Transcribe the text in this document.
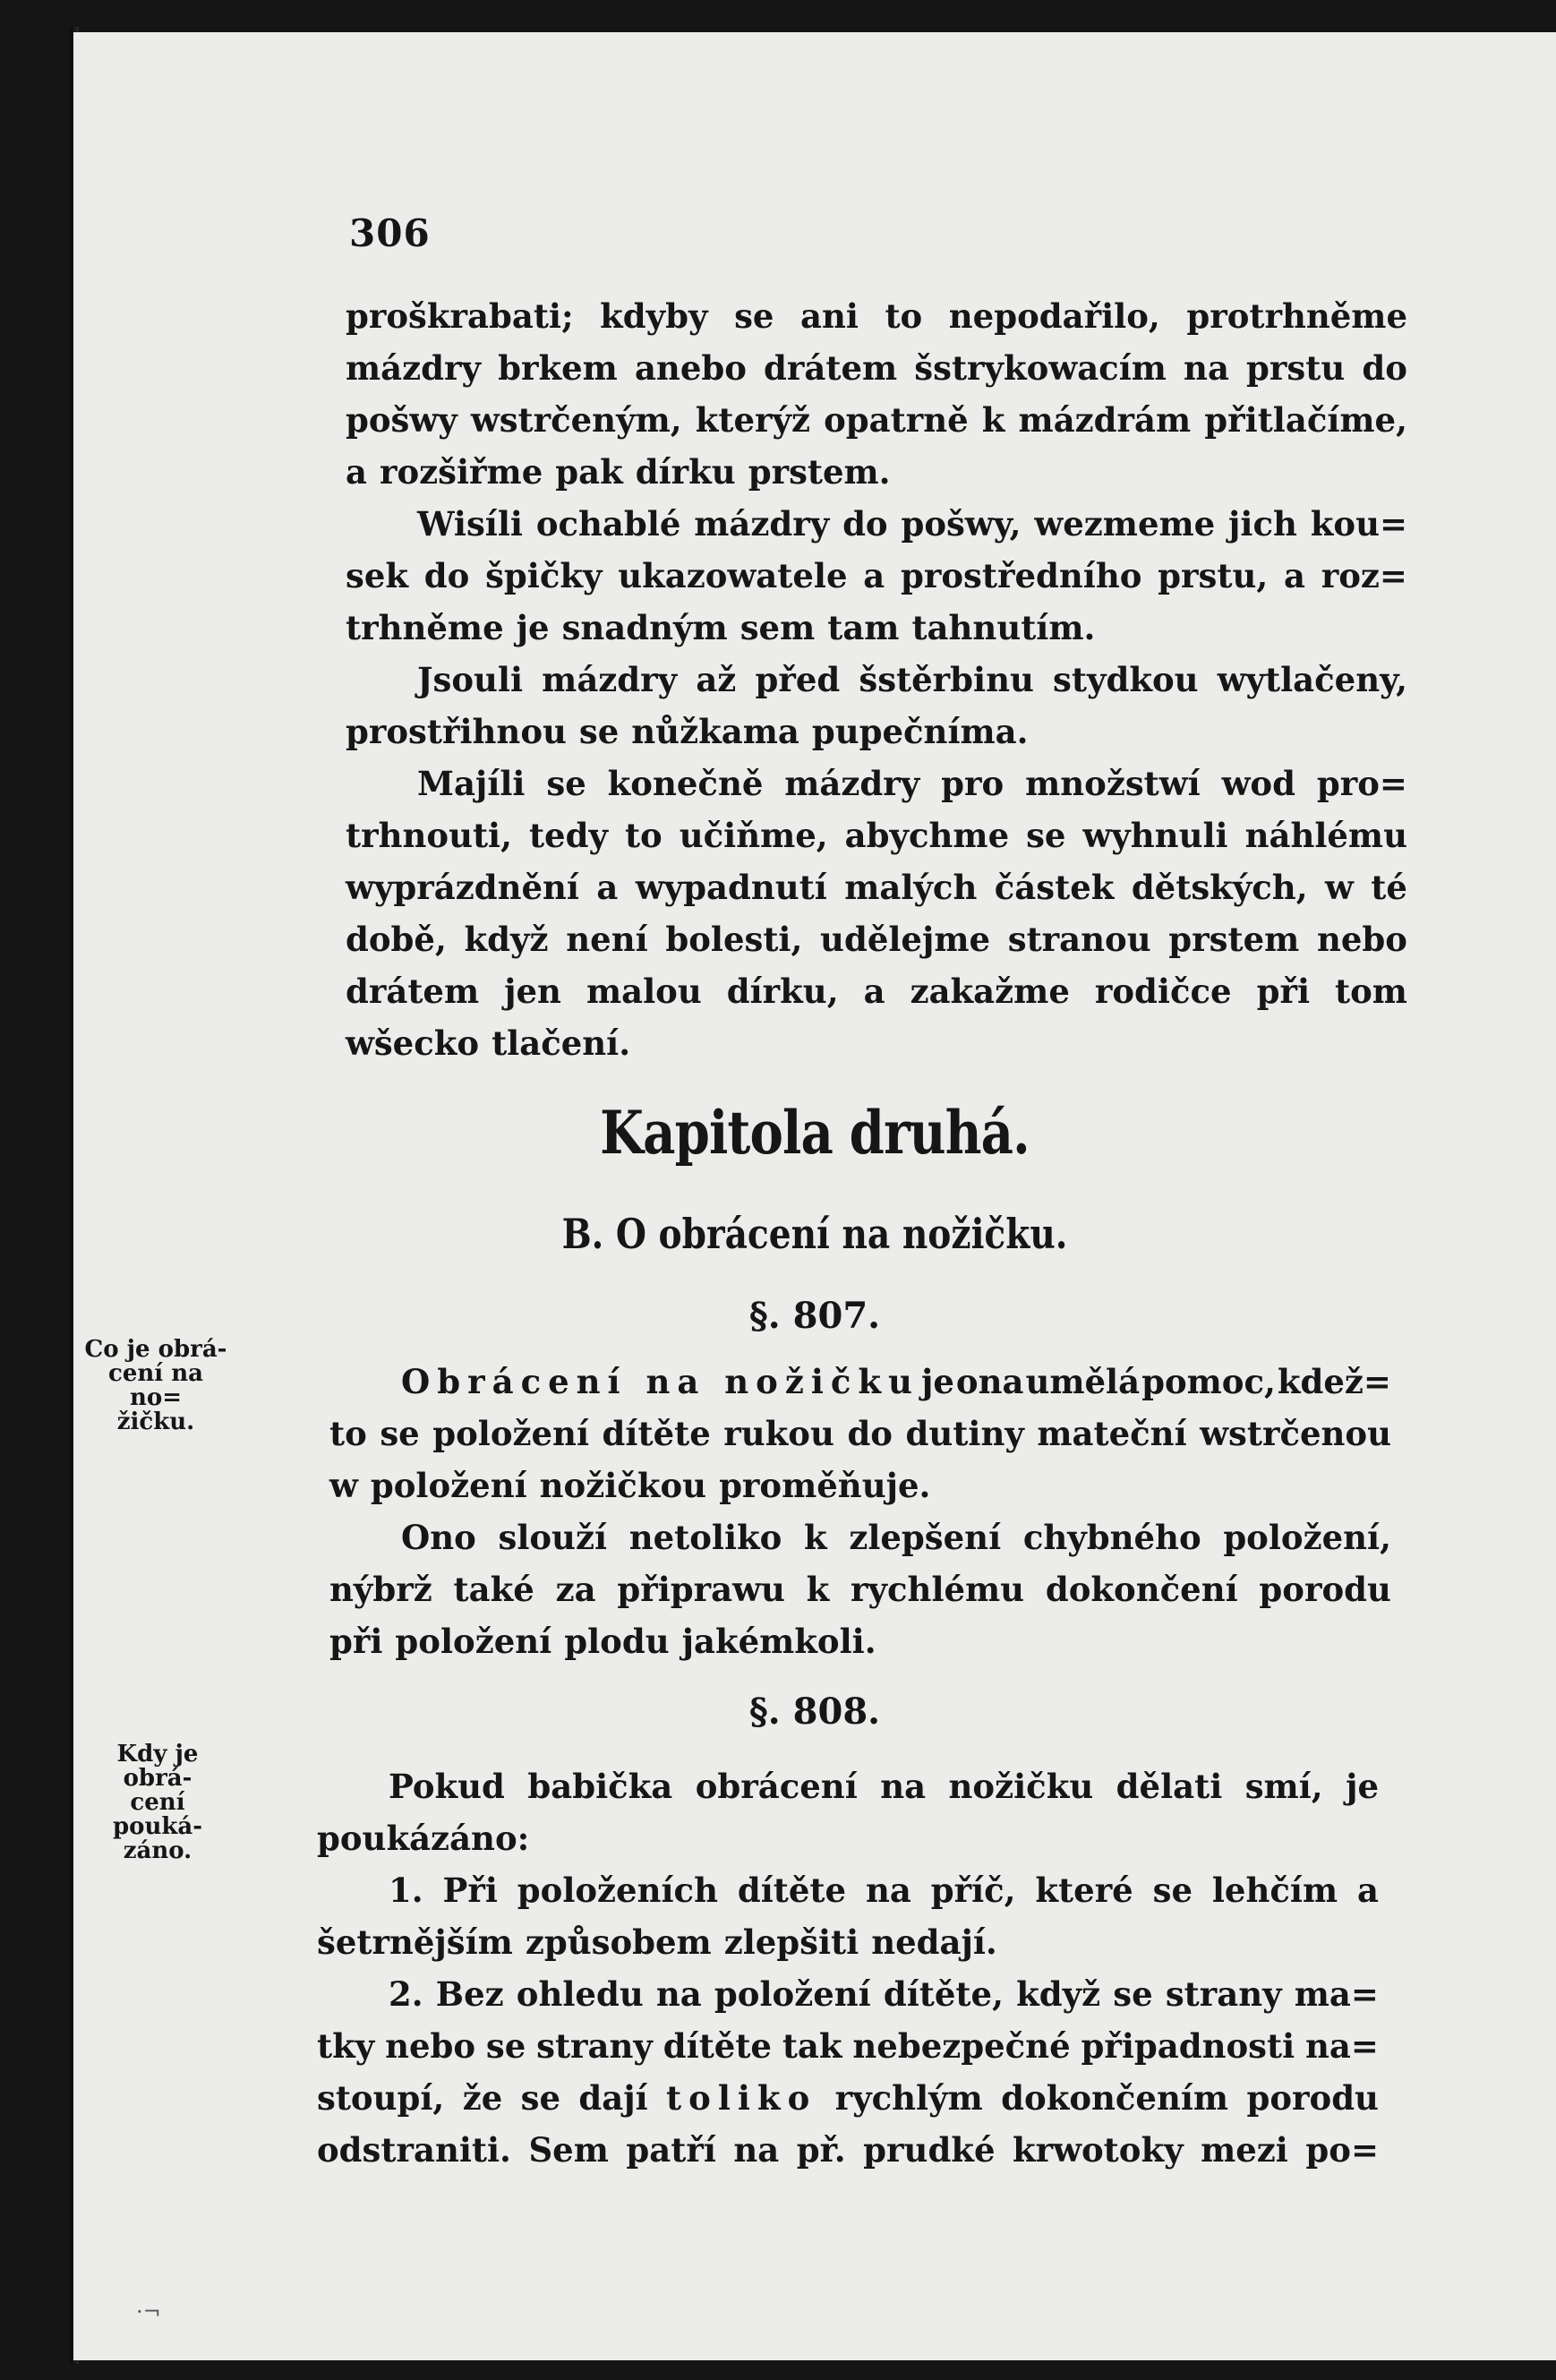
306
proškrabati; kdyby se ani to nepodařilo, protrhněme
mázdry brkem anebo drátem šstrykowacím na prstu do
pošwy wstrčeným, kterýž opatrně k mázdrám přitlačíme,
a rozšiřme pak dírku prstem.
Wisíli ochablé mázdry do pošwy, wezmeme jich kou=
sek do špičky ukazowatele a prostředního prstu, a roz=
trhněme je snadným sem tam tahnutím.
Jsouli mázdry až před šstěrbinu stydkou wytlačeny,
prostřihnou se nůžkama pupečníma.
Majíli se konečně mázdry pro množstwí wod pro=
trhnouti, tedy to učiňme, abychme se wyhnuli náhlému
wyprázdnění a wypadnutí malých částek dětských, w té
době, když není bolesti, udělejme stranou prstem nebo
drátem jen malou dírku, a zakažme rodičce při tom
wšecko tlačení.
Kapitola druhá.
B. O obrácení na nožičku.
§. 807.
Co je obrá-
cení na no=
žičku.
Obrácení na nožičku je ona umělá pomoc, kdež=
to se položení dítěte rukou do dutiny mateční wstrčenou
w položení nožičkou proměňuje.
Ono slouží netoliko k zlepšení chybného položení,
nýbrž také za připrawu k rychlému dokončení porodu
při položení plodu jakémkoli.
§. 808.
Kdy je obrá-
cení pouká-
záno.
Pokud babička obrácení na nožičku dělati smí, je
poukázáno:
1. Při položeních dítěte na příč, které se lehčím a
šetrnějším způsobem zlepšiti nedají.
2. Bez ohledu na položení dítěte, když se strany ma=
tky nebo se strany dítěte tak nebezpečné připadnosti na=
stoupí, že se dají toliko rychlým dokončením porodu
odstraniti. Sem patří na př. prudké krwotoky mezi po=
·¬
